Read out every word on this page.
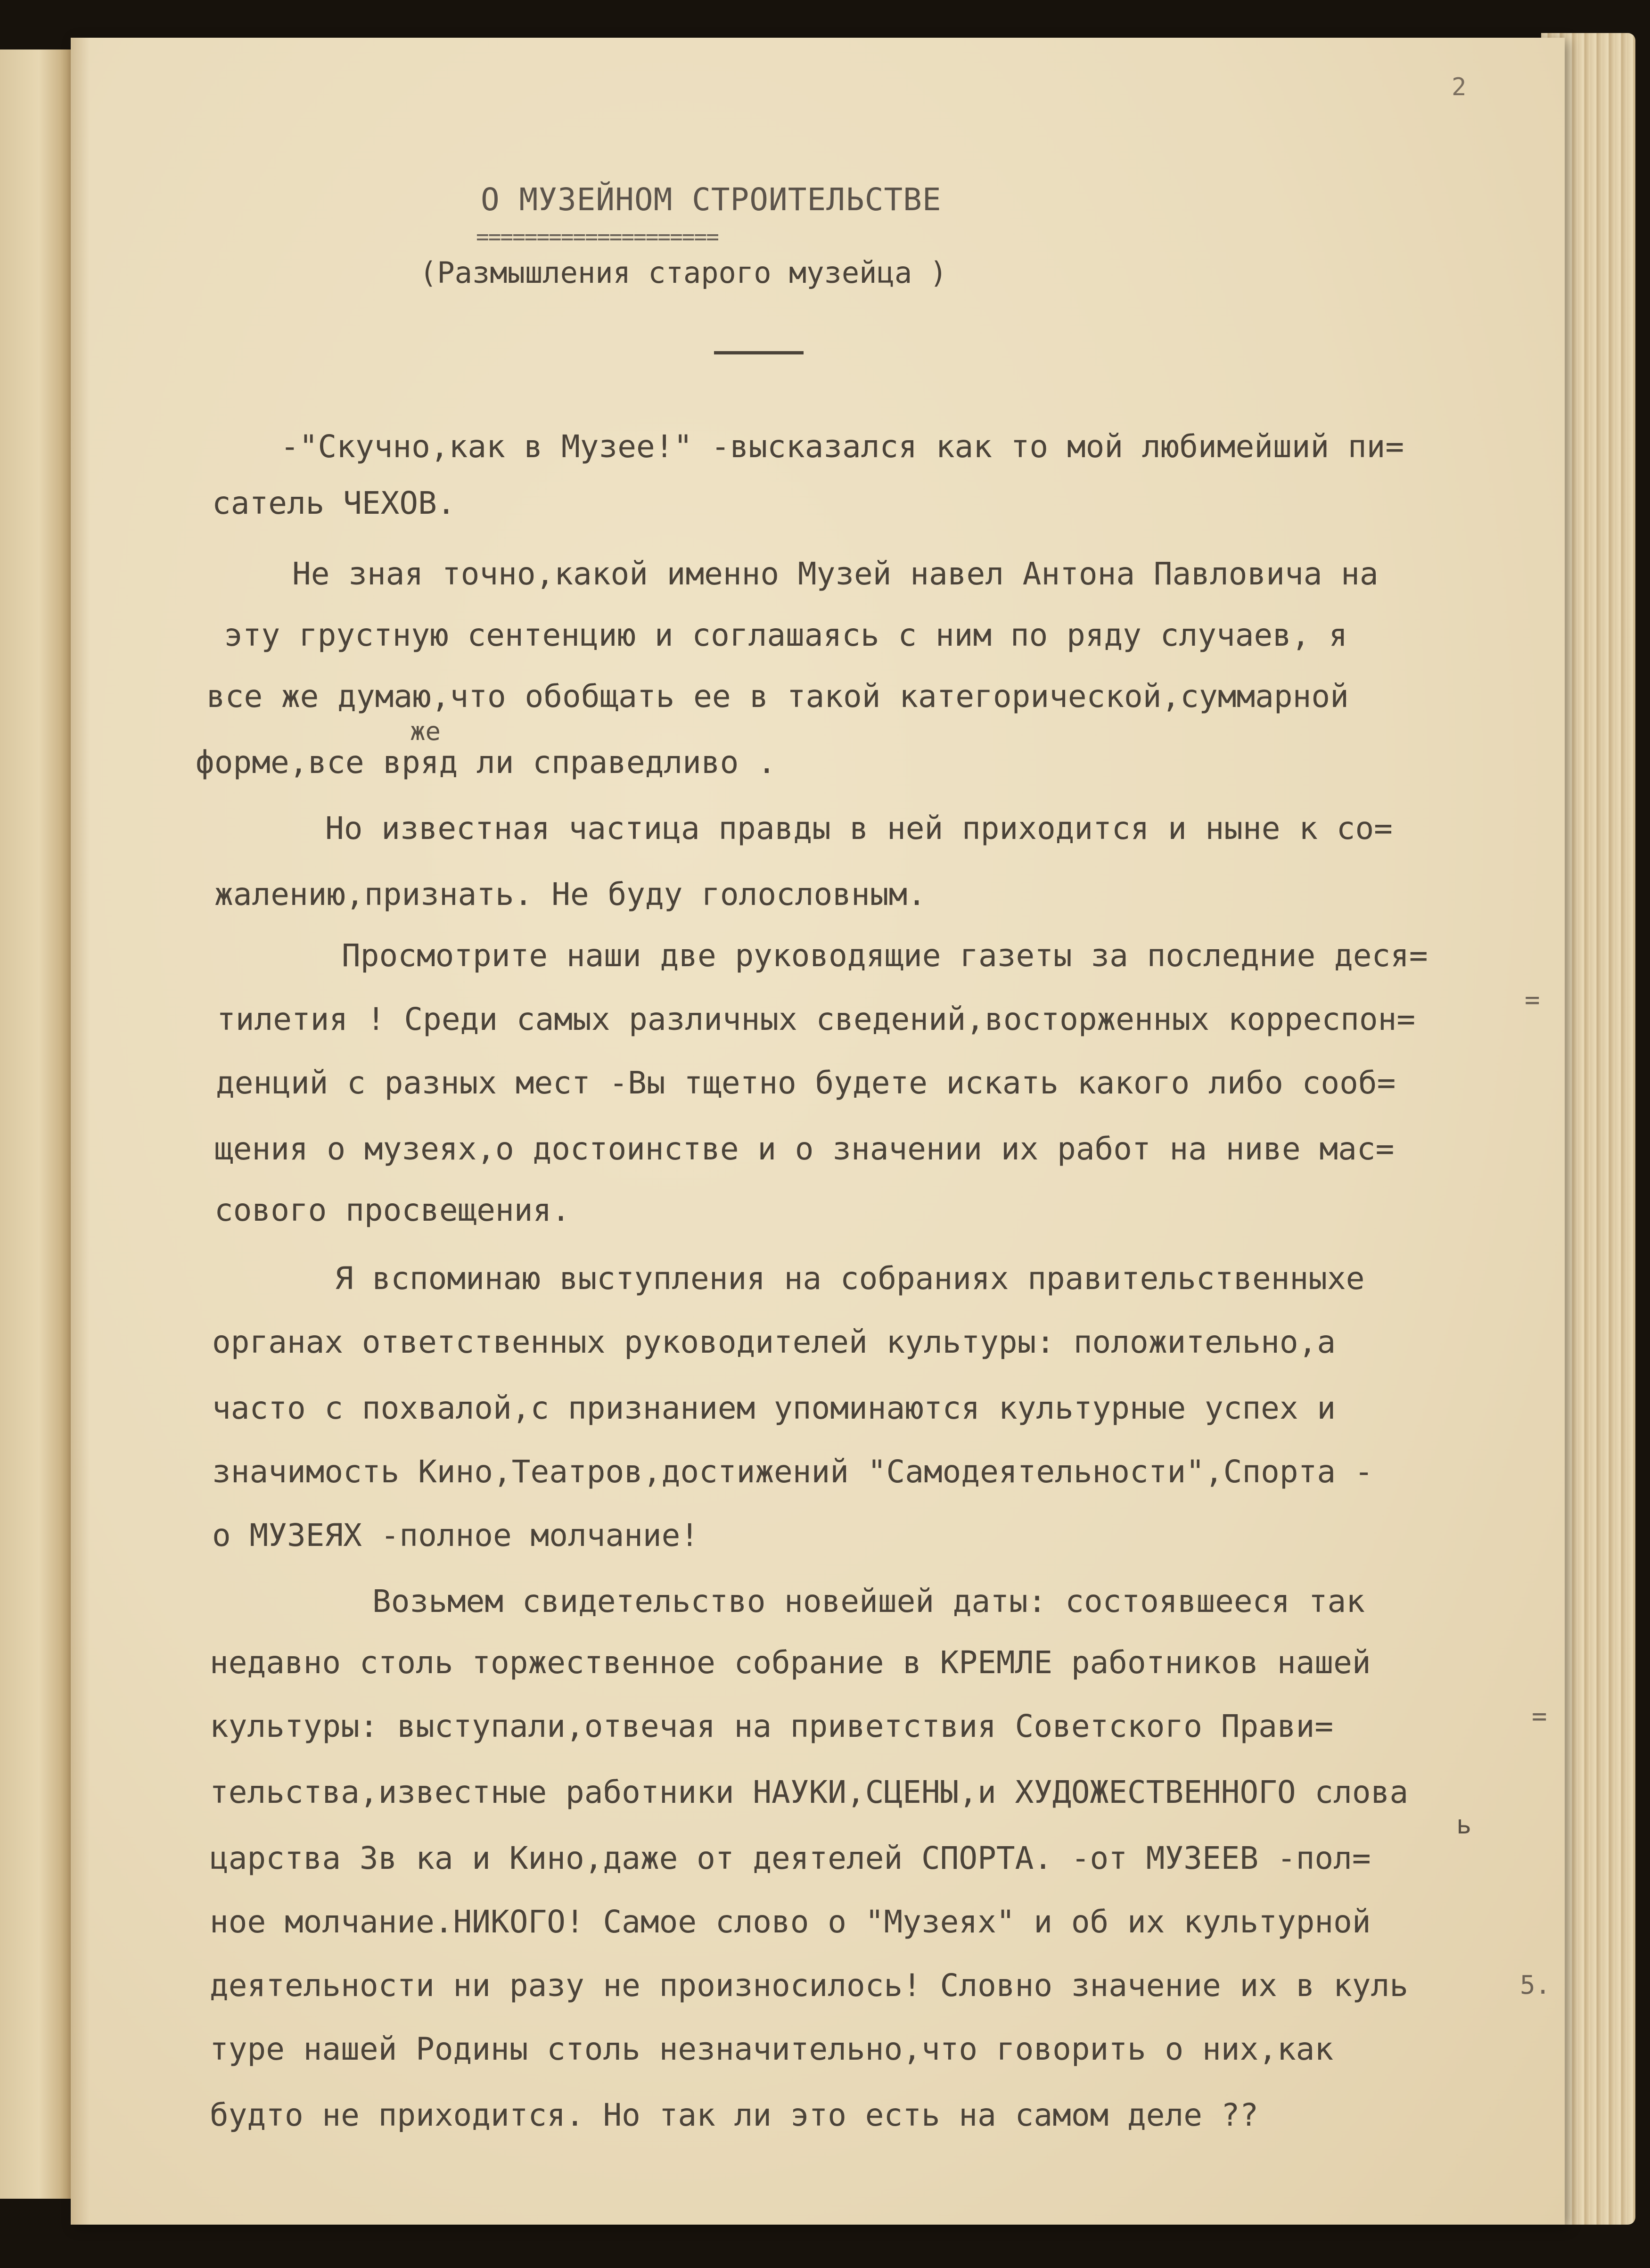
2

О МУЗЕЙНОМ СТРОИТЕЛЬСТВЕ

====================

(Размышления старого музейца )

-"Скучно,как в Музее!" -высказался как то мой любимейший пи=

сатель ЧЕХОВ.

Не зная точно,какой именно Музей навел Антона Павловича на

эту грустную сентенцию и соглашаясь с ним по ряду случаев, я

все же думаю,что обобщать ее в такой категорической,суммарной

же

форме,все вряд ли справедливо .

Но известная частица правды в ней приходится и ныне к со=

жалению,признать. Не буду голословным.

Просмотрите наши две руководящие газеты за последние деся=

тилетия ! Среди самых различных сведений,восторженных корреспон=

денций с разных мест -Вы тщетно будете искать какого либо сооб=

щения о музеях,о достоинстве и о значении их работ на ниве мас=

сового просвещения.

Я вспоминаю выступления на собраниях правительственныхе

органах ответственных руководителей культуры: положительно,а

часто с похвалой,с признанием упоминаются культурные успех и

значимость Кино,Театров,достижений "Самодеятельности",Спорта -

о МУЗЕЯХ -полное молчание!

Возьмем свидетельство новейшей даты: состоявшееся так

недавно столь торжественное собрание в КРЕМЛЕ работников нашей

культуры: выступали,отвечая на приветствия Советского Прави=

тельства,известные работники НАУКИ,СЦЕНЫ,и ХУДОЖЕСТВЕННОГО слова

ь

царства Зв ка и Кино,даже от деятелей СПОРТА. -от МУЗЕЕВ -пол=

ное молчание.НИКОГО! Самое слово о "Музеях" и об их культурной

деятельности ни разу не произносилось! Словно значение их в куль

туре нашей Родины столь незначительно,что говорить о них,как

будто не приходится. Но так ли это есть на самом деле ??

=

=

5.
